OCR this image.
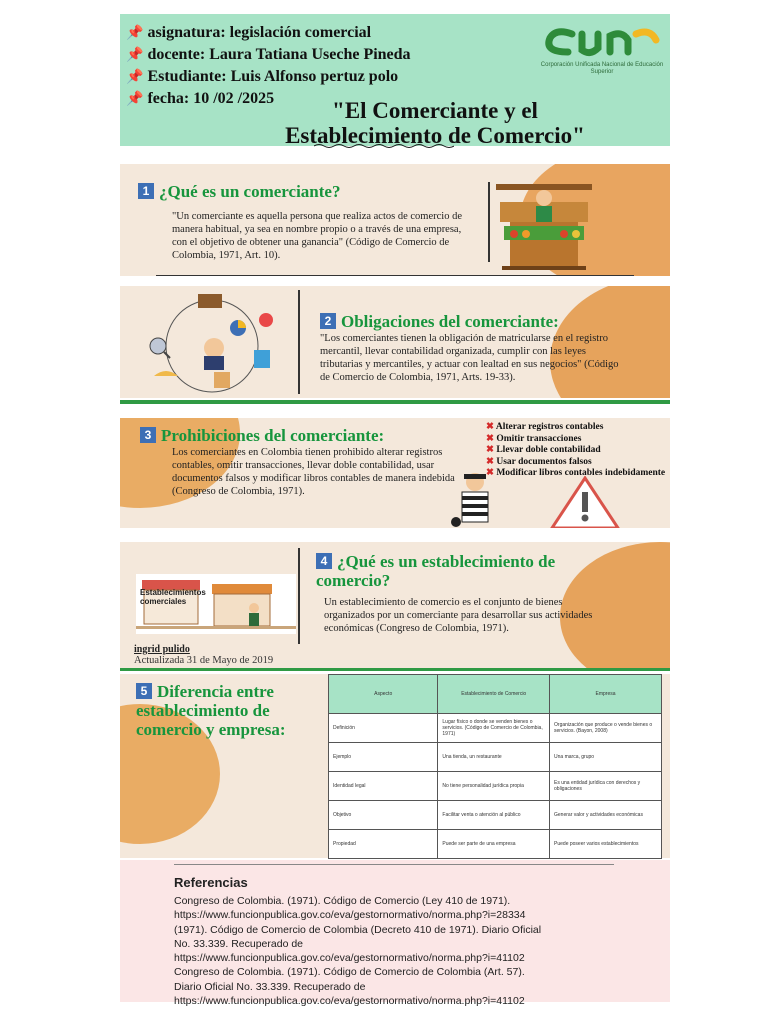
📌 asignatura: legislación comercial
📌 docente: Laura Tatiana Useche Pineda
📌 Estudiante: Luis Alfonso pertuz polo
📌 fecha: 10 /02 /2025
Corporación Unificada Nacional de Educación Superior
"El Comerciante y el
Establecimiento de Comercio"
1 ¿Qué es un comerciante?
"Un comerciante es aquella persona que realiza actos de comercio de manera habitual, ya sea en nombre propio o a través de una empresa, con el objetivo de obtener una ganancia" (Código de Comercio de Colombia, 1971, Art. 10).
2 Obligaciones del comerciante:
"Los comerciantes tienen la obligación de matricularse en el registro mercantil, llevar contabilidad organizada, cumplir con las leyes tributarias y mercantiles, y actuar con lealtad en sus negocios" (Código de Comercio de Colombia, 1971, Arts. 19-33).
3 Prohibiciones del comerciante:
Los comerciantes en Colombia tienen prohibido alterar registros contables, omitir transacciones, llevar doble contabilidad, usar documentos falsos y modificar libros contables de manera indebida (Congreso de Colombia, 1971).
✖ Alterar registros contables
✖ Omitir transacciones
✖ Llevar doble contabilidad
✖ Usar documentos falsos
✖ Modificar libros contables indebidamente
Establecimientos comerciales
ingrid pulido
Actualizada 31 de Mayo de 2019
4 ¿Qué es un establecimiento de comercio?
Un establecimiento de comercio es el conjunto de bienes organizados por un comerciante para desarrollar sus actividades económicas (Congreso de Colombia, 1971).
5 Diferencia entre establecimiento de comercio y empresa:
Aspecto	Establecimiento de Comercio	Empresa
Definición	Lugar físico o donde se venden bienes o servicios. (Código de Comercio de Colombia, 1971)	Organización que produce o vende bienes o servicios. (Bayon, 2008)
Ejemplo	Una tienda, un restaurante	Una marca, grupo
Identidad legal	No tiene personalidad jurídica propia	Es una entidad jurídica con derechos y obligaciones
Objetivo	Facilitar venta o atención al público	Generar valor y actividades económicas
Propiedad	Puede ser parte de una empresa	Puede poseer varios establecimientos
Referencias
Congreso de Colombia. (1971). Código de Comercio (Ley 410 de 1971).
https://www.funcionpublica.gov.co/eva/gestornormativo/norma.php?i=28334
(1971). Código de Comercio de Colombia (Decreto 410 de 1971). Diario Oficial
No. 33.339. Recuperado de
https://www.funcionpublica.gov.co/eva/gestornormativo/norma.php?i=41102
Congreso de Colombia. (1971). Código de Comercio de Colombia (Art. 57).
Diario Oficial No. 33.339. Recuperado de
https://www.funcionpublica.gov.co/eva/gestornormativo/norma.php?i=41102
